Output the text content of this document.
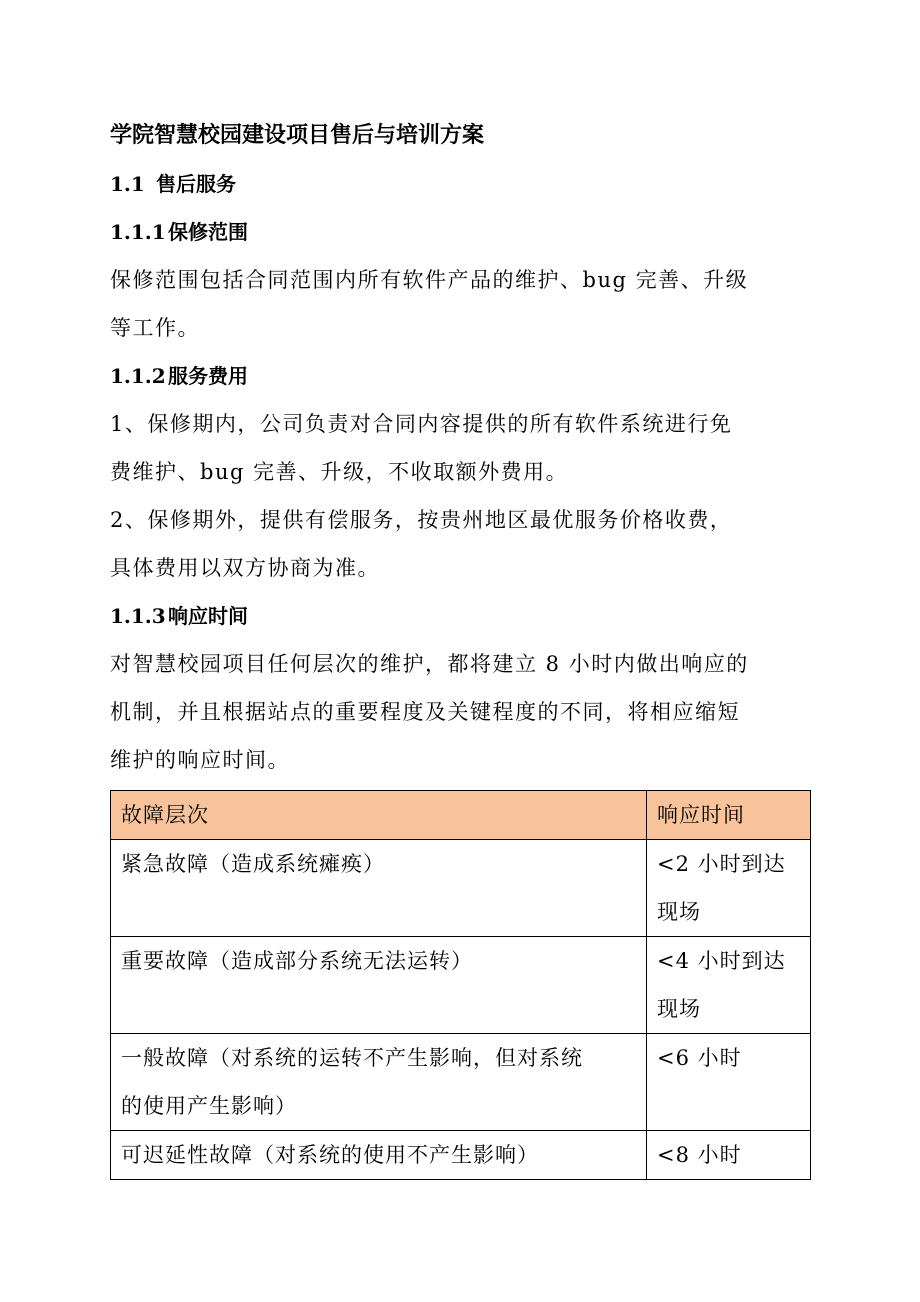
学院智慧校园建设项目售后与培训方案
1.1 售后服务
1.1.1 保修范围
保修范围包括合同范围内所有软件产品的维护、bug 完善、升级
等工作。
1.1.2 服务费用
1、保修期内，公司负责对合同内容提供的所有软件系统进行免
费维护、bug 完善、升级，不收取额外费用。
2、保修期外，提供有偿服务，按贵州地区最优服务价格收费，
具体费用以双方协商为准。
1.1.3 响应时间
对智慧校园项目任何层次的维护，都将建立 8 小时内做出响应的
机制，并且根据站点的重要程度及关键程度的不同，将相应缩短
维护的响应时间。
故障层次	响应时间

紧急故障（造成系统瘫痪）	<2 小时到达
现场

重要故障（造成部分系统无法运转）	<4 小时到达
现场

一般故障（对系统的运转不产生影响，但对系统
的使用产生影响）	<6 小时

可迟延性故障（对系统的使用不产生影响）	<8 小时
